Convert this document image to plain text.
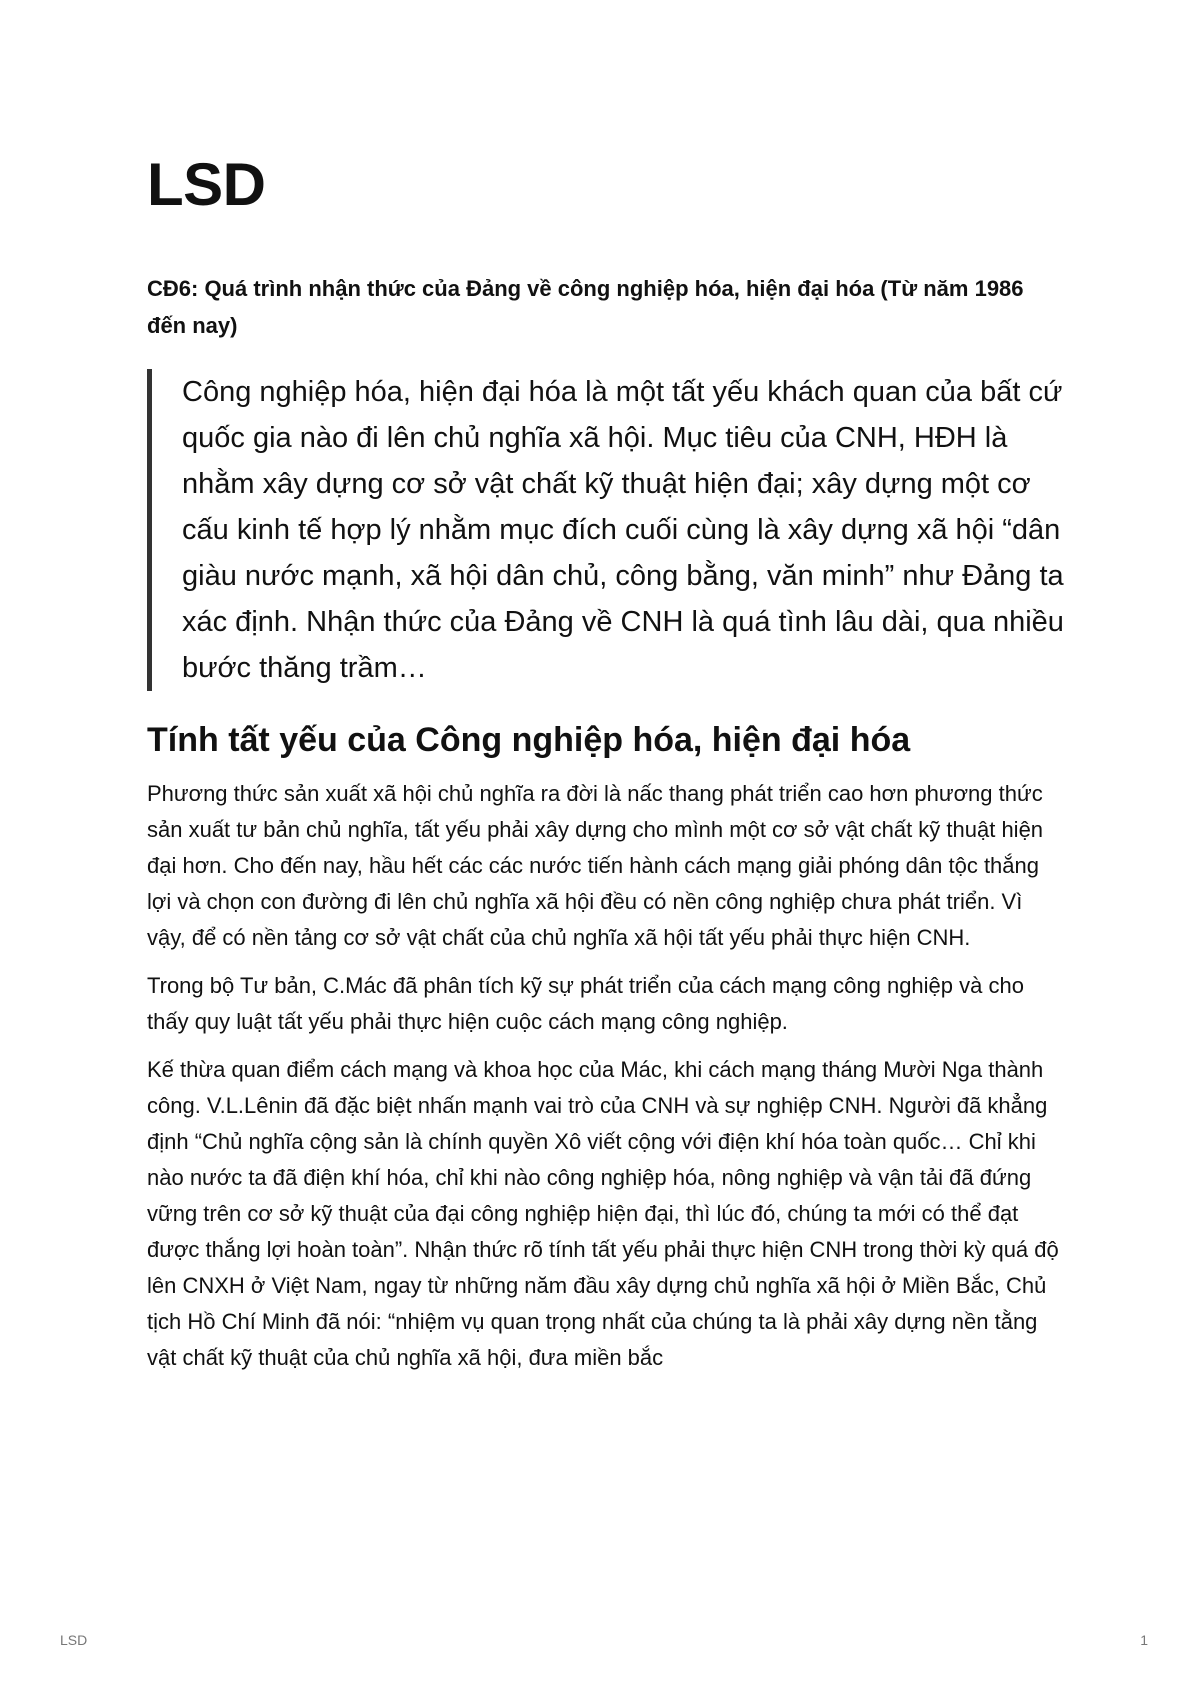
LSD

CĐ6: Quá trình nhận thức của Đảng về công nghiệp hóa, hiện đại hóa (Từ năm 1986 đến nay)

Công nghiệp hóa, hiện đại hóa là một tất yếu khách quan của bất cứ quốc gia nào đi lên chủ nghĩa xã hội. Mục tiêu của CNH, HĐH là nhằm xây dựng cơ sở vật chất kỹ thuật hiện đại; xây dựng một cơ cấu kinh tế hợp lý nhằm mục đích cuối cùng là xây dựng xã hội “dân giàu nước mạnh, xã hội dân chủ, công bằng, văn minh” như Đảng ta xác định. Nhận thức của Đảng về CNH là quá tình lâu dài, qua nhiều bước thăng trầm…
Tính tất yếu của Công nghiệp hóa, hiện đại hóa

Phương thức sản xuất xã hội chủ nghĩa ra đời là nấc thang phát triển cao hơn phương thức sản xuất tư bản chủ nghĩa, tất yếu phải xây dựng cho mình một cơ sở vật chất kỹ thuật hiện đại hơn. Cho đến nay, hầu hết các các nước tiến hành cách mạng giải phóng dân tộc thắng lợi và chọn con đường đi lên chủ nghĩa xã hội đều có nền công nghiệp chưa phát triển. Vì vậy, để có nền tảng cơ sở vật chất của chủ nghĩa xã hội tất yếu phải thực hiện CNH.

Trong bộ Tư bản, C.Mác đã phân tích kỹ sự phát triển của cách mạng công nghiệp và cho thấy quy luật tất yếu phải thực hiện cuộc cách mạng công nghiệp.

Kế thừa quan điểm cách mạng và khoa học của Mác, khi cách mạng tháng Mười Nga thành công. V.L.Lênin đã đặc biệt nhấn mạnh vai trò của CNH và sự nghiệp CNH. Người đã khẳng định “Chủ nghĩa cộng sản là chính quyền Xô viết cộng với điện khí hóa toàn quốc… Chỉ khi nào nước ta đã điện khí hóa, chỉ khi nào công nghiệp hóa, nông nghiệp và vận tải đã đứng vững trên cơ sở kỹ thuật của đại công nghiệp hiện đại, thì lúc đó, chúng ta mới có thể đạt được thắng lợi hoàn toàn”. Nhận thức rõ tính tất yếu phải thực hiện CNH trong thời kỳ quá độ lên CNXH ở Việt Nam, ngay từ những năm đầu xây dựng chủ nghĩa xã hội ở Miền Bắc, Chủ tịch Hồ Chí Minh đã nói: “nhiệm vụ quan trọng nhất của chúng ta là phải xây dựng nền tằng vật chất kỹ thuật của chủ nghĩa xã hội, đưa miền bắc

LSD	1
